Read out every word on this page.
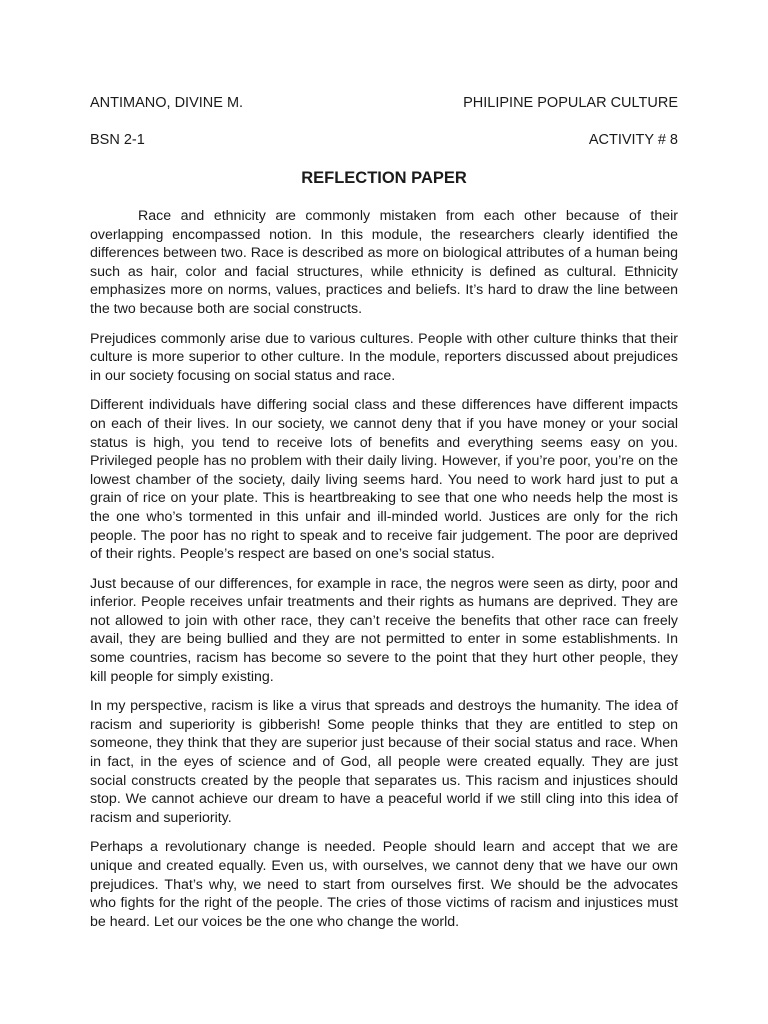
ANTIMANO, DIVINE M.	PHILIPINE POPULAR CULTURE
BSN 2-1	ACTIVITY # 8
REFLECTION PAPER

Race and ethnicity are commonly mistaken from each other because of their overlapping encompassed notion. In this module, the researchers clearly identified the differences between two. Race is described as more on biological attributes of a human being such as hair, color and facial structures, while ethnicity is defined as cultural. Ethnicity emphasizes more on norms, values, practices and beliefs. It’s hard to draw the line between the two because both are social constructs.

Prejudices commonly arise due to various cultures. People with other culture thinks that their culture is more superior to other culture. In the module, reporters discussed about prejudices in our society focusing on social status and race.

Different individuals have differing social class and these differences have different impacts on each of their lives. In our society, we cannot deny that if you have money or your social status is high, you tend to receive lots of benefits and everything seems easy on you. Privileged people has no problem with their daily living. However, if you’re poor, you’re on the lowest chamber of the society, daily living seems hard. You need to work hard just to put a grain of rice on your plate. This is heartbreaking to see that one who needs help the most is the one who’s tormented in this unfair and ill-minded world. Justices are only for the rich people. The poor has no right to speak and to receive fair judgement. The poor are deprived of their rights. People’s respect are based on one’s social status.

Just because of our differences, for example in race, the negros were seen as dirty, poor and inferior. People receives unfair treatments and their rights as humans are deprived. They are not allowed to join with other race, they can’t receive the benefits that other race can freely avail, they are being bullied and they are not permitted to enter in some establishments. In some countries, racism has become so severe to the point that they hurt other people, they kill people for simply existing.

In my perspective, racism is like a virus that spreads and destroys the humanity. The idea of racism and superiority is gibberish! Some people thinks that they are entitled to step on someone, they think that they are superior just because of their social status and race. When in fact, in the eyes of science and of God, all people were created equally. They are just social constructs created by the people that separates us. This racism and injustices should stop. We cannot achieve our dream to have a peaceful world if we still cling into this idea of racism and superiority.

Perhaps a revolutionary change is needed. People should learn and accept that we are unique and created equally. Even us, with ourselves, we cannot deny that we have our own prejudices. That’s why, we need to start from ourselves first. We should be the advocates who fights for the right of the people. The cries of those victims of racism and injustices must be heard. Let our voices be the one who change the world.
